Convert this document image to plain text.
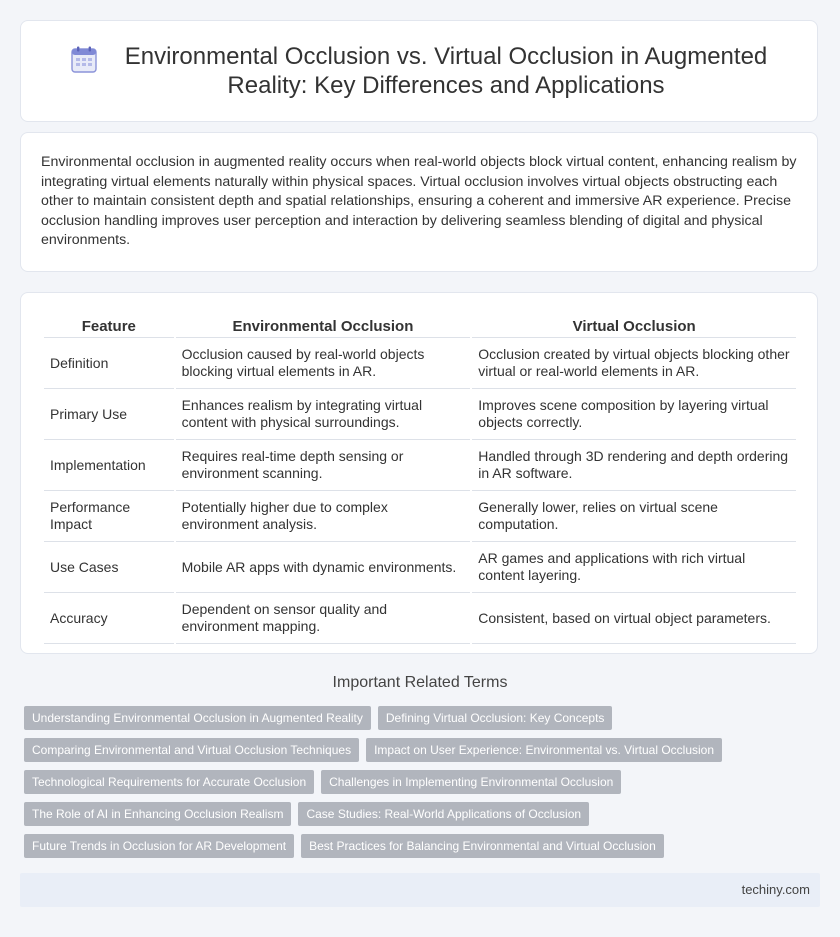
Environmental Occlusion vs. Virtual Occlusion in Augmented
Reality: Key Differences and Applications

Environmental occlusion in augmented reality occurs when real-world objects block virtual content, enhancing realism by integrating virtual elements naturally within physical spaces. Virtual occlusion involves virtual objects obstructing each other to maintain consistent depth and spatial relationships, ensuring a coherent and immersive AR experience. Precise occlusion handling improves user perception and interaction by delivering seamless blending of digital and physical environments.

Feature	Environmental Occlusion	Virtual Occlusion
Definition	Occlusion caused by real-world objects blocking virtual elements in AR.	Occlusion created by virtual objects blocking other virtual or real-world elements in AR.
Primary Use	Enhances realism by integrating virtual content with physical surroundings.	Improves scene composition by layering virtual objects correctly.
Implementation	Requires real-time depth sensing or environment scanning.	Handled through 3D rendering and depth ordering in AR software.
Performance Impact	Potentially higher due to complex environment analysis.	Generally lower, relies on virtual scene computation.
Use Cases	Mobile AR apps with dynamic environments.	AR games and applications with rich virtual content layering.
Accuracy	Dependent on sensor quality and environment mapping.	Consistent, based on virtual object parameters.
Important Related Terms
Understanding Environmental Occlusion in Augmented Reality	Defining Virtual Occlusion: Key Concepts
Comparing Environmental and Virtual Occlusion Techniques	Impact on User Experience: Environmental vs. Virtual Occlusion
Technological Requirements for Accurate Occlusion	Challenges in Implementing Environmental Occlusion
The Role of AI in Enhancing Occlusion Realism	Case Studies: Real-World Applications of Occlusion
Future Trends in Occlusion for AR Development	Best Practices for Balancing Environmental and Virtual Occlusion
techiny.com
